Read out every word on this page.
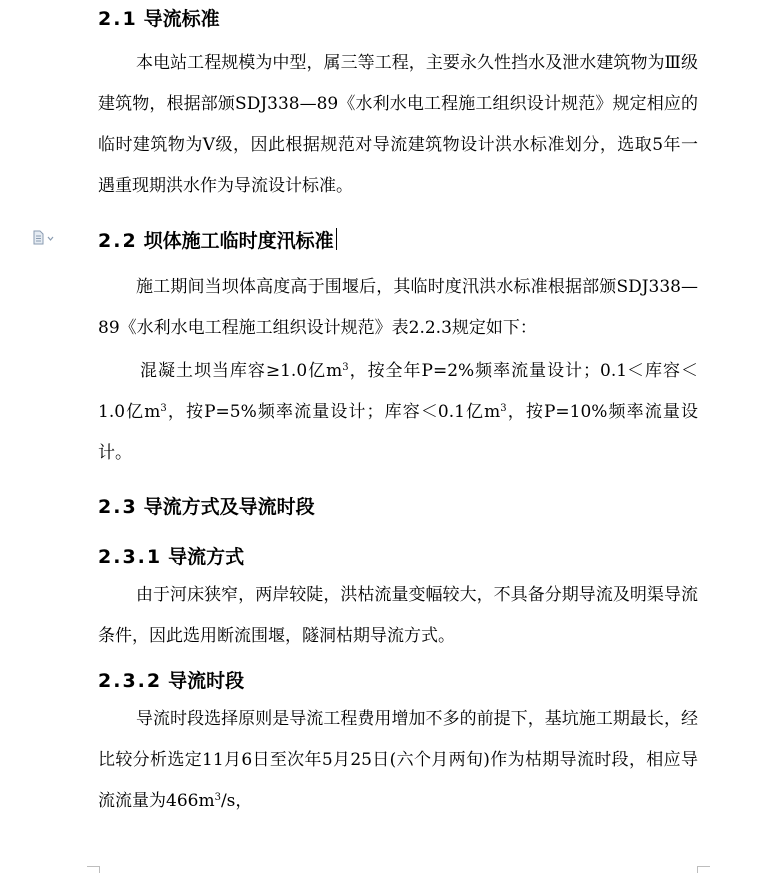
2.1 导流标准

本电站工程规模为中型，属三等工程，主要永久性挡水及泄水建筑物为Ⅲ级建筑物，根据部颁SDJ338—89《水利水电工程施工组织设计规范》规定相应的临时建筑物为Ⅴ级，因此根据规范对导流建筑物设计洪水标准划分，选取5年一遇重现期洪水作为导流设计标准。

2.2 坝体施工临时度汛标准

施工期间当坝体高度高于围堰后，其临时度汛洪水标准根据部颁SDJ338—89《水利水电工程施工组织设计规范》表2.2.3规定如下：

混凝土坝当库容≥1.0亿$m^3$，按全年P=2%频率流量设计；0.1＜库容＜1.0亿$m^3$，按P=5%频率流量设计；库容＜0.1亿$m^3$，按P=10%频率流量设计。

2.3 导流方式及导流时段
2.3.1 导流方式

由于河床狭窄，两岸较陡，洪枯流量变幅较大，不具备分期导流及明渠导流条件，因此选用断流围堰，隧洞枯期导流方式。

2.3.2 导流时段

导流时段选择原则是导流工程费用增加不多的前提下，基坑施工期最长，经比较分析选定11月6日至次年5月25日(六个月两旬)作为枯期导流时段，相应导流流量为$466m^3/s$，
